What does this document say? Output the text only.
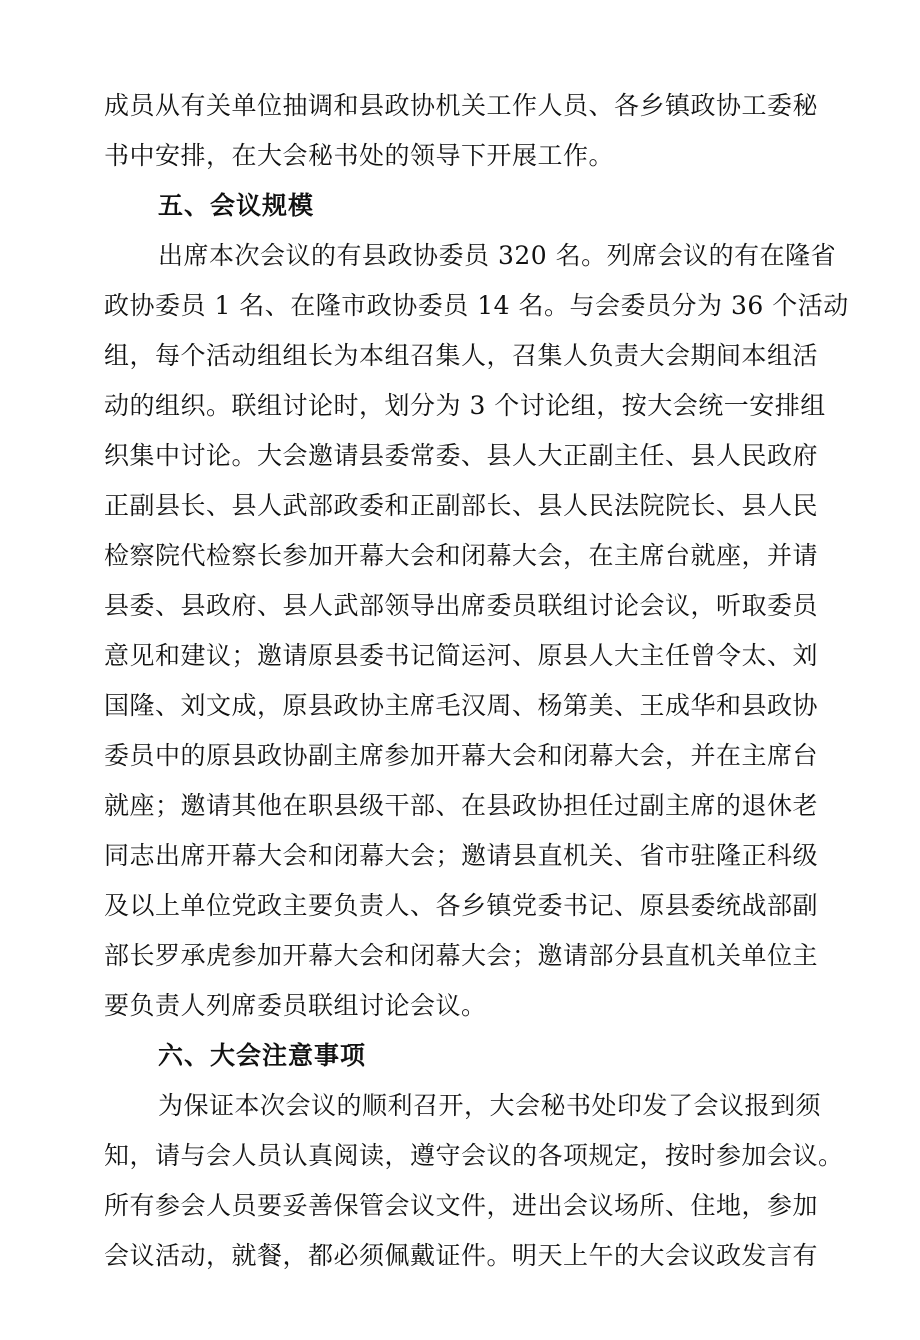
成员从有关单位抽调和县政协机关工作人员、各乡镇政协工委秘
书中安排，在大会秘书处的领导下开展工作。
五、会议规模
出席本次会议的有县政协委员 320 名。列席会议的有在隆省
政协委员 1 名、在隆市政协委员 14 名。与会委员分为 36 个活动
组，每个活动组组长为本组召集人，召集人负责大会期间本组活
动的组织。联组讨论时，划分为 3 个讨论组，按大会统一安排组
织集中讨论。大会邀请县委常委、县人大正副主任、县人民政府
正副县长、县人武部政委和正副部长、县人民法院院长、县人民
检察院代检察长参加开幕大会和闭幕大会，在主席台就座，并请
县委、县政府、县人武部领导出席委员联组讨论会议，听取委员
意见和建议；邀请原县委书记简运河、原县人大主任曾令太、刘
国隆、刘文成，原县政协主席毛汉周、杨第美、王成华和县政协
委员中的原县政协副主席参加开幕大会和闭幕大会，并在主席台
就座；邀请其他在职县级干部、在县政协担任过副主席的退休老
同志出席开幕大会和闭幕大会；邀请县直机关、省市驻隆正科级
及以上单位党政主要负责人、各乡镇党委书记、原县委统战部副
部长罗承虎参加开幕大会和闭幕大会；邀请部分县直机关单位主
要负责人列席委员联组讨论会议。
六、大会注意事项
为保证本次会议的顺利召开，大会秘书处印发了会议报到须
知，请与会人员认真阅读，遵守会议的各项规定，按时参加会议。
所有参会人员要妥善保管会议文件，进出会议场所、住地，参加
会议活动，就餐，都必须佩戴证件。明天上午的大会议政发言有
